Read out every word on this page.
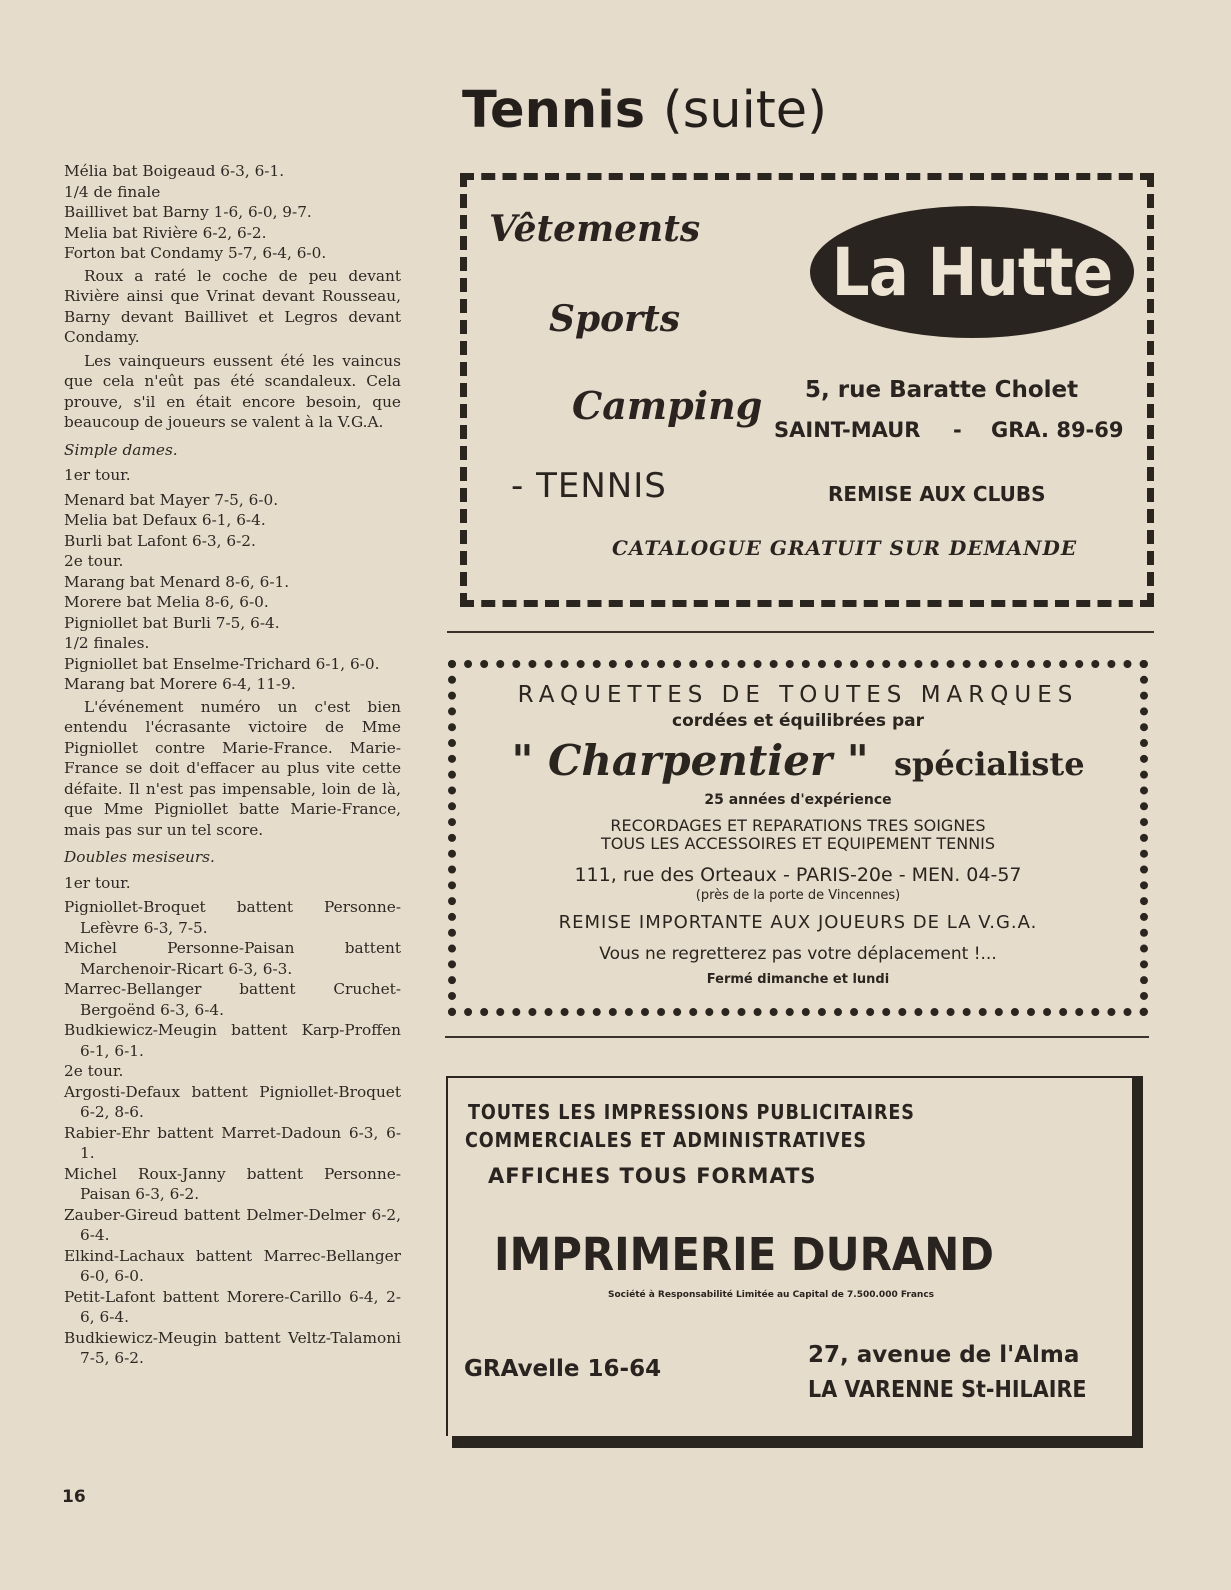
Tennis (suite)

Mélia bat Boigeaud 6-3, 6-1.

1/4 de finale

Baillivet bat Barny 1-6, 6-0, 9-7.

Melia bat Rivière 6-2, 6-2.

Forton bat Condamy 5-7, 6-4, 6-0.

Roux a raté le coche de peu devant Rivière ainsi que Vrinat devant Rousseau, Barny devant Baillivet et Legros devant Condamy.

Les vainqueurs eussent été les vaincus que cela n'eût pas été scandaleux. Cela prouve, s'il en était encore besoin, que beaucoup de joueurs se valent à la V.G.A.

Simple dames.

1er tour.

Menard bat Mayer 7-5, 6-0.

Melia bat Defaux 6-1, 6-4.

Burli bat Lafont 6-3, 6-2.

2e tour.

Marang bat Menard 8-6, 6-1.

Morere bat Melia 8-6, 6-0.

Pigniollet bat Burli 7-5, 6-4.

1/2 finales.

Pigniollet bat Enselme-Trichard 6-1, 6-0.

Marang bat Morere 6-4, 11-9.

L'événement numéro un c'est bien entendu l'écrasante victoire de Mme Pigniollet contre Marie-France. Marie-France se doit d'effacer au plus vite cette défaite. Il n'est pas impensable, loin de là, que Mme Pigniollet batte Marie-France, mais pas sur un tel score.

Doubles mesiseurs.

1er tour.

Pigniollet-Broquet battent Personne-Lefèvre 6-3, 7-5.

Michel Personne-Paisan battent Marchenoir-Ricart 6-3, 6-3.

Marrec-Bellanger battent Cruchet-Bergoënd 6-3, 6-4.

Budkiewicz-Meugin battent Karp-Proffen 6-1, 6-1.

2e tour.

Argosti-Defaux battent Pigniollet-Broquet 6-2, 8-6.

Rabier-Ehr battent Marret-Dadoun 6-3, 6-1.

Michel Roux-Janny battent Personne-Paisan 6-3, 6-2.

Zauber-Gireud battent Delmer-Delmer 6-2, 6-4.

Elkind-Lachaux battent Marrec-Bellanger 6-0, 6-0.

Petit-Lafont battent Morere-Carillo 6-4, 2-6, 6-4.

Budkiewicz-Meugin battent Veltz-Talamoni 7-5, 6-2.

16
Vêtements
Sports
Camping
- TENNIS
La Hutte
5, rue Baratte Cholet
SAINT-MAUR - GRA. 89-69
REMISE AUX CLUBS
CATALOGUE GRATUIT SUR DEMANDE
RAQUETTES DE TOUTES MARQUES
cordées et équilibrées par
" Charpentier " spécialiste
25 années d'expérience
RECORDAGES ET REPARATIONS TRES SOIGNES
TOUS LES ACCESSOIRES ET EQUIPEMENT TENNIS
111, rue des Orteaux - PARIS-20e - MEN. 04-57
(près de la porte de Vincennes)
REMISE IMPORTANTE AUX JOUEURS DE LA V.G.A.
Vous ne regretterez pas votre déplacement !...
Fermé dimanche et lundi
TOUTES LES IMPRESSIONS PUBLICITAIRES
COMMERCIALES ET ADMINISTRATIVES
AFFICHES TOUS FORMATS
IMPRIMERIE DURAND
Société à Responsabilité Limitée au Capital de 7.500.000 Francs
GRAvelle 16-64
27, avenue de l'Alma
LA VARENNE St-HILAIRE
